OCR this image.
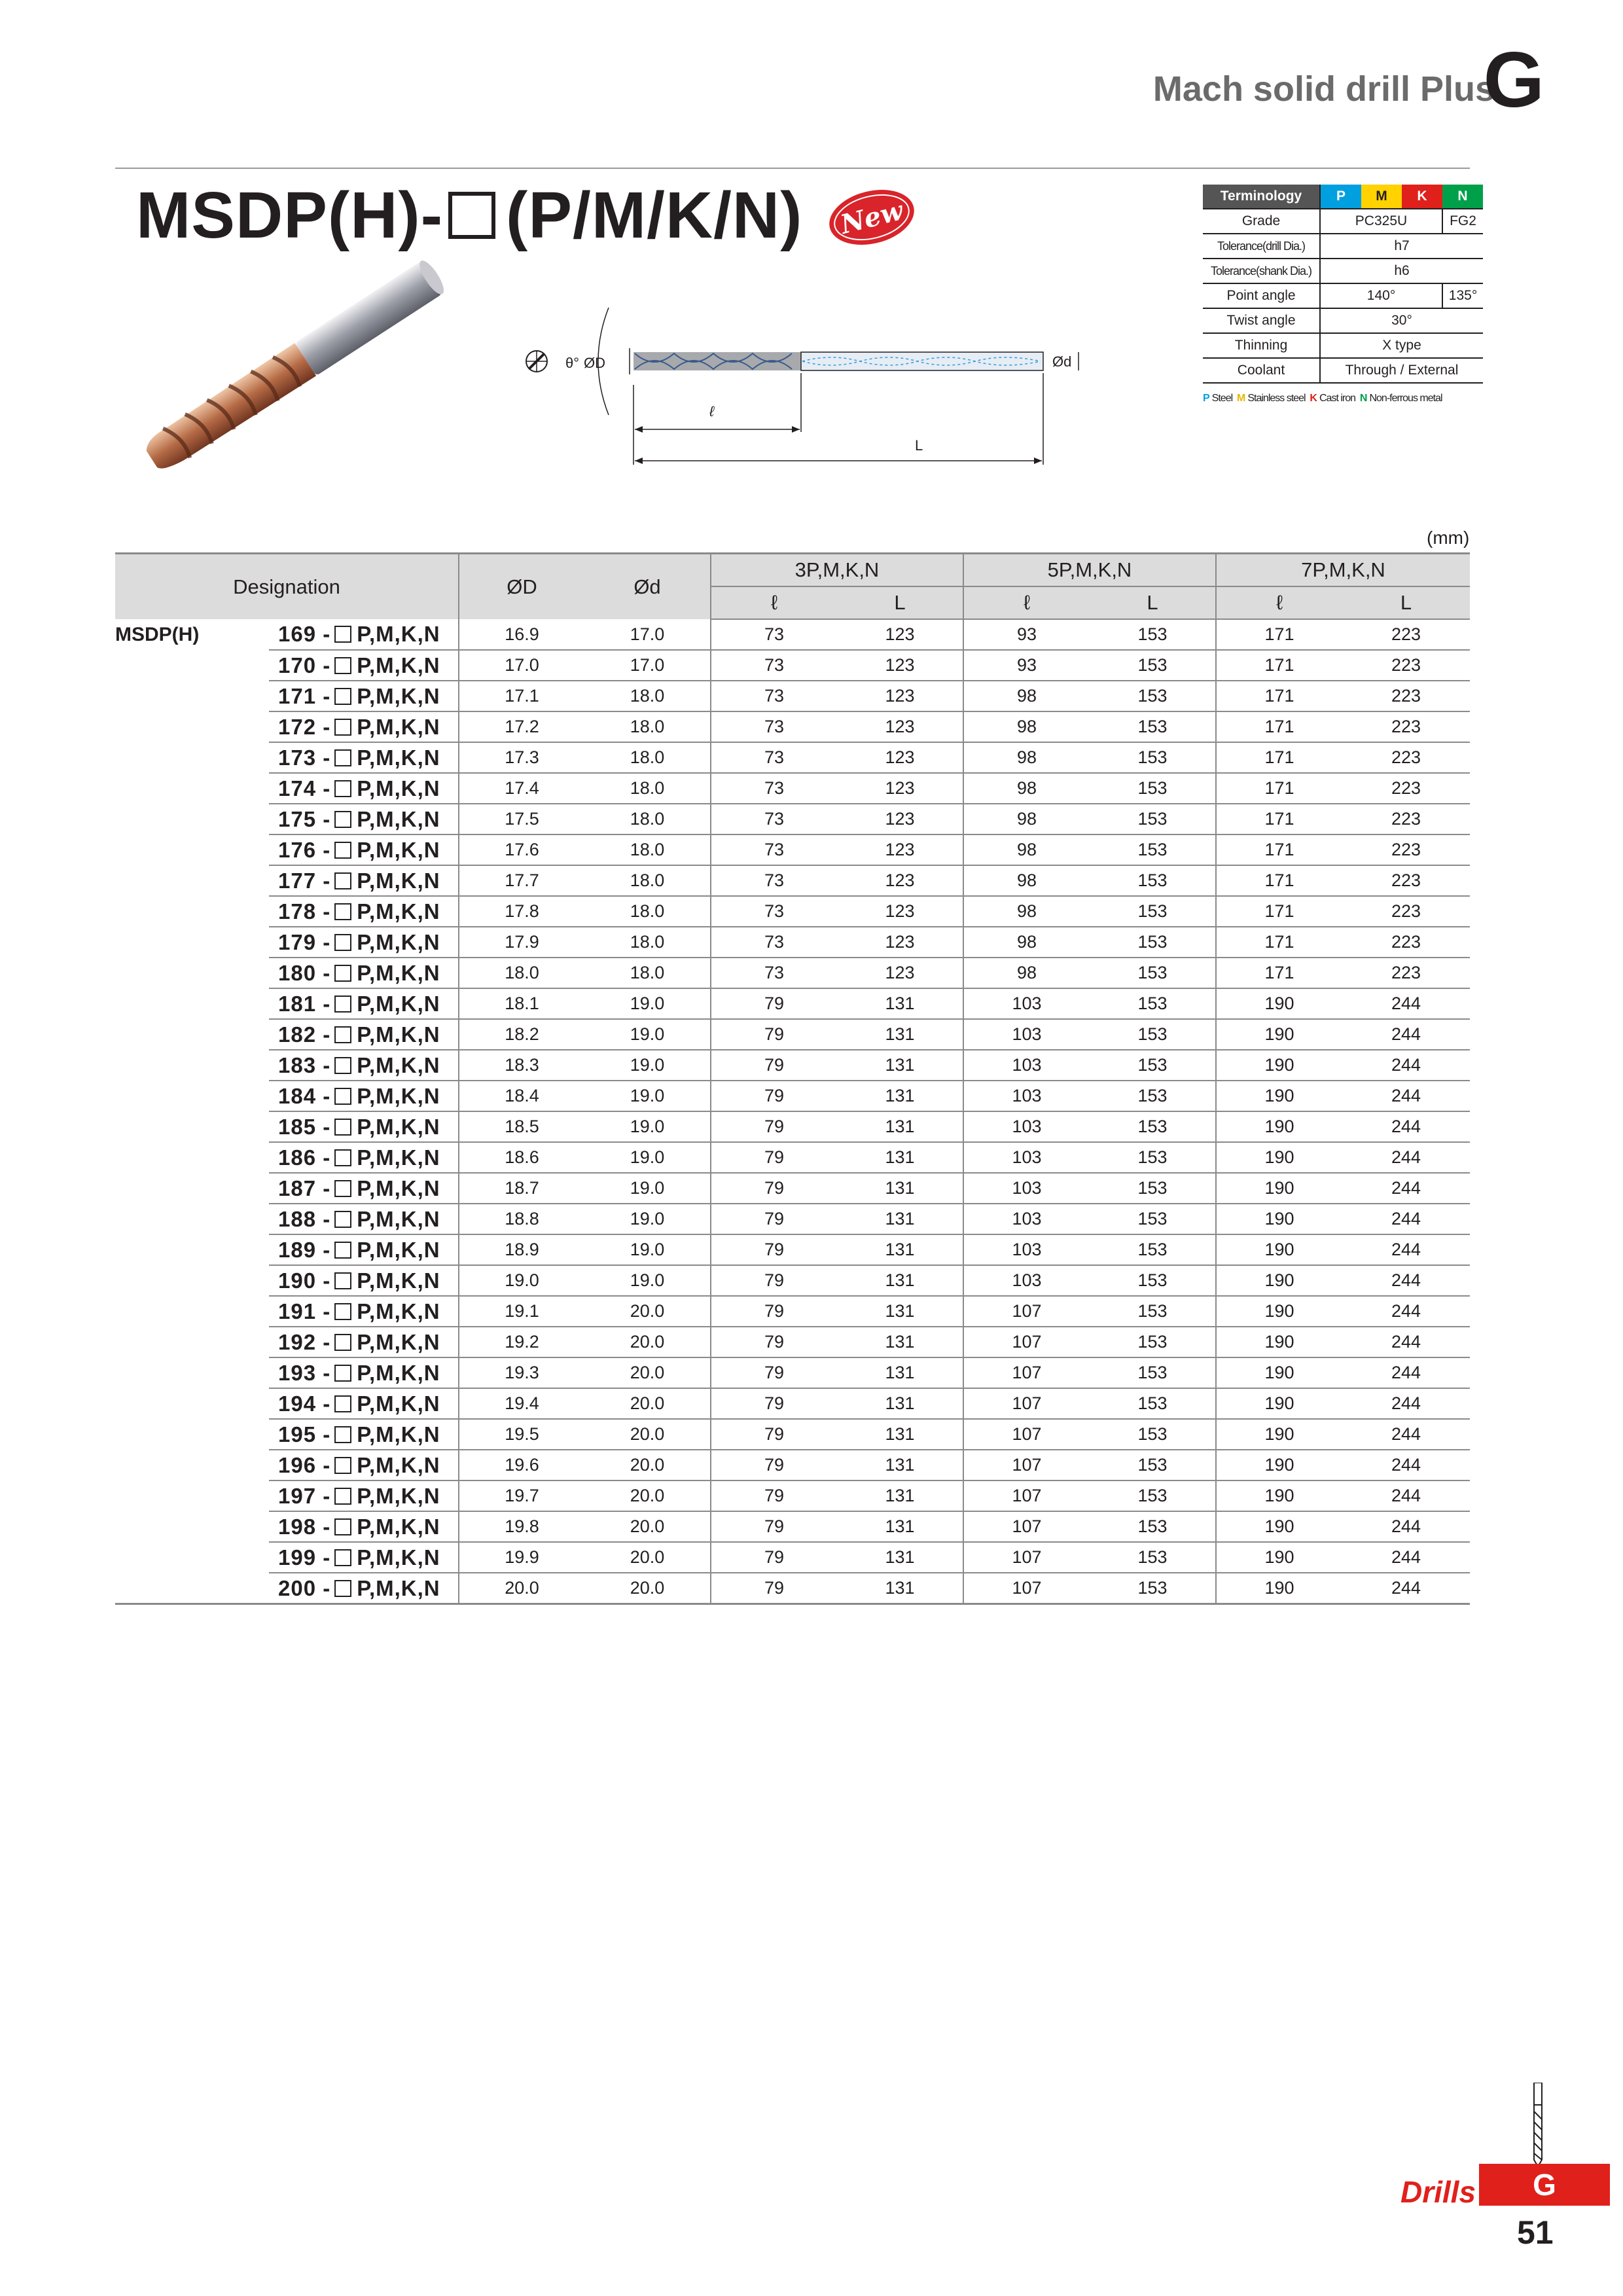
Mach solid drill Plus
G
MSDP(H)- (P/M/K/N) New	Terminology	P	M	K	N
Grade	PC325U			FG2
Tolerance(drill Dia.)	h7			
Tolerance(shank Dia.)	h6			
Point angle	140°			135°
Twist angle	30°			
Thinning	X type			
Coolant	Through / External			
P Steel M Stainless steel K Cast iron N Non-ferrous metal
θ° ØD	Ød
ℓ
L
(mm)
Designation		ØD	Ød	3P,M,K,N		5P,M,K,N		7P,M,K,N	
				ℓ	L	ℓ	L	ℓ	L
MSDP(H)	169 - P,M,K,N	16.9	17.0	73	123	93	153	171	223
	170 - P,M,K,N	17.0	17.0	73	123	93	153	171	223
	171 - P,M,K,N	17.1	18.0	73	123	98	153	171	223
	172 - P,M,K,N	17.2	18.0	73	123	98	153	171	223
	173 - P,M,K,N	17.3	18.0	73	123	98	153	171	223
	174 - P,M,K,N	17.4	18.0	73	123	98	153	171	223
	175 - P,M,K,N	17.5	18.0	73	123	98	153	171	223
	176 - P,M,K,N	17.6	18.0	73	123	98	153	171	223
	177 - P,M,K,N	17.7	18.0	73	123	98	153	171	223
	178 - P,M,K,N	17.8	18.0	73	123	98	153	171	223
	179 - P,M,K,N	17.9	18.0	73	123	98	153	171	223
	180 - P,M,K,N	18.0	18.0	73	123	98	153	171	223
	181 - P,M,K,N	18.1	19.0	79	131	103	153	190	244
	182 - P,M,K,N	18.2	19.0	79	131	103	153	190	244
	183 - P,M,K,N	18.3	19.0	79	131	103	153	190	244
	184 - P,M,K,N	18.4	19.0	79	131	103	153	190	244
	185 - P,M,K,N	18.5	19.0	79	131	103	153	190	244
	186 - P,M,K,N	18.6	19.0	79	131	103	153	190	244
	187 - P,M,K,N	18.7	19.0	79	131	103	153	190	244
	188 - P,M,K,N	18.8	19.0	79	131	103	153	190	244
	189 - P,M,K,N	18.9	19.0	79	131	103	153	190	244
	190 - P,M,K,N	19.0	19.0	79	131	103	153	190	244
	191 - P,M,K,N	19.1	20.0	79	131	107	153	190	244
	192 - P,M,K,N	19.2	20.0	79	131	107	153	190	244
	193 - P,M,K,N	19.3	20.0	79	131	107	153	190	244
	194 - P,M,K,N	19.4	20.0	79	131	107	153	190	244
	195 - P,M,K,N	19.5	20.0	79	131	107	153	190	244
	196 - P,M,K,N	19.6	20.0	79	131	107	153	190	244
	197 - P,M,K,N	19.7	20.0	79	131	107	153	190	244
	198 - P,M,K,N	19.8	20.0	79	131	107	153	190	244
	199 - P,M,K,N	19.9	20.0	79	131	107	153	190	244
	200 - P,M,K,N	20.0	20.0	79	131	107	153	190	244
Drills	G
51
